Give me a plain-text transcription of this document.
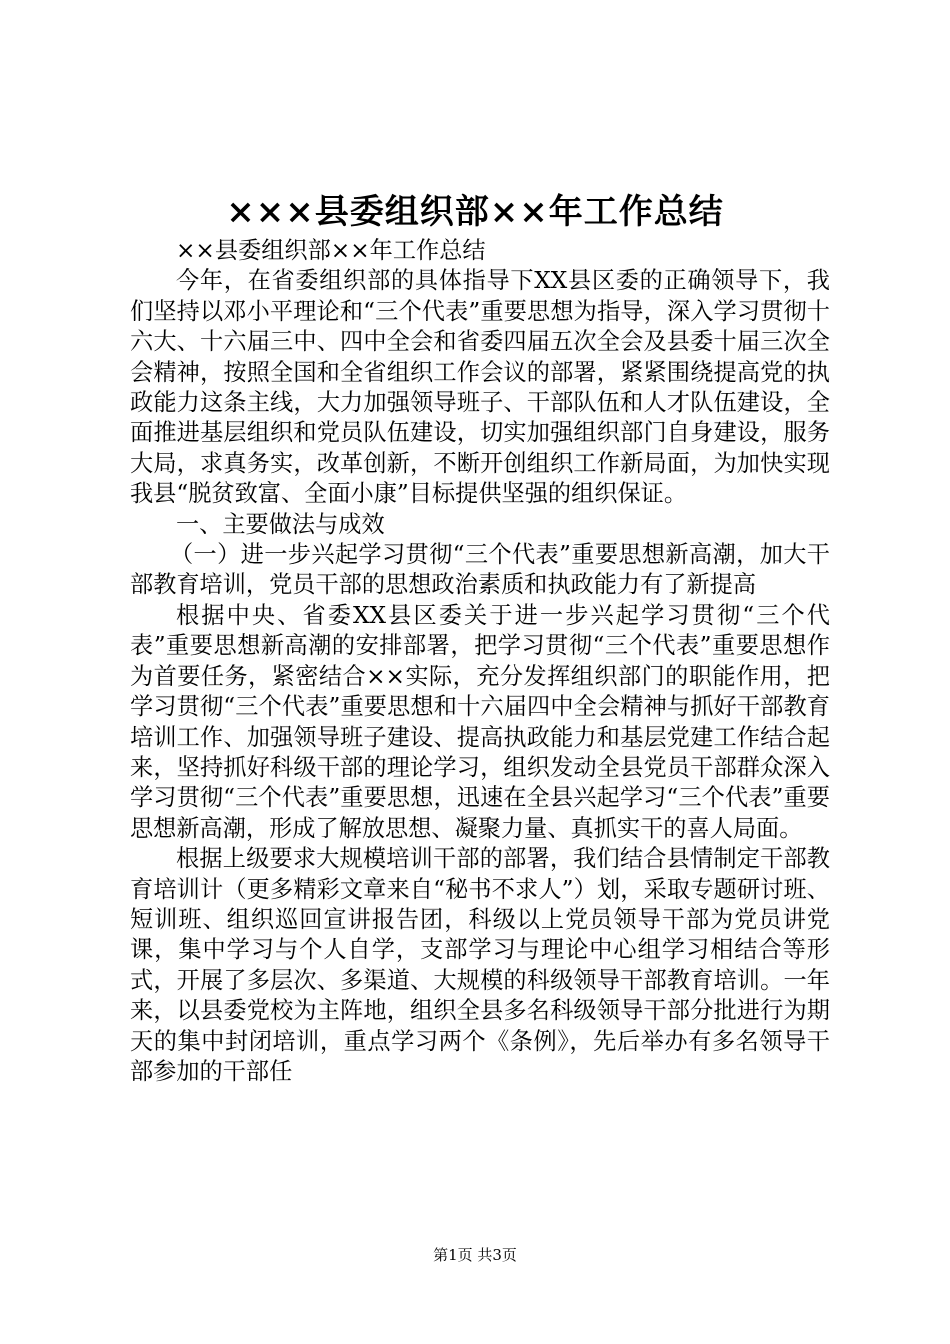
×××县委组织部××年工作总结

××县委组织部××年工作总结

今年，在省委组织部的具体指导下XX县区委的正确领导下，我们坚持以邓小平理论和“三个代表”重要思想为指导，深入学习贯彻十六大、十六届三中、四中全会和省委四届五次全会及县委十届三次全会精神，按照全国和全省组织工作会议的部署，紧紧围绕提高党的执政能力这条主线，大力加强领导班子、干部队伍和人才队伍建设，全面推进基层组织和党员队伍建设，切实加强组织部门自身建设，服务大局，求真务实，改革创新，不断开创组织工作新局面，为加快实现我县“脱贫致富、全面小康”目标提供坚强的组织保证。

一、主要做法与成效

（一）进一步兴起学习贯彻“三个代表”重要思想新高潮，加大干部教育培训，党员干部的思想政治素质和执政能力有了新提高

根据中央、省委XX县区委关于进一步兴起学习贯彻“三个代表”重要思想新高潮的安排部署，把学习贯彻“三个代表”重要思想作为首要任务，紧密结合××实际，充分发挥组织部门的职能作用，把学习贯彻“三个代表”重要思想和十六届四中全会精神与抓好干部教育培训工作、加强领导班子建设、提高执政能力和基层党建工作结合起来，坚持抓好科级干部的理论学习，组织发动全县党员干部群众深入学习贯彻“三个代表”重要思想，迅速在全县兴起学习“三个代表”重要思想新高潮，形成了解放思想、凝聚力量、真抓实干的喜人局面。

根据上级要求大规模培训干部的部署，我们结合县情制定干部教育培训计（更多精彩文章来自“秘书不求人”）划，采取专题研讨班、短训班、组织巡回宣讲报告团，科级以上党员领导干部为党员讲党课，集中学习与个人自学，支部学习与理论中心组学习相结合等形式，开展了多层次、多渠道、大规模的科级领导干部教育培训。一年来，以县委党校为主阵地，组织全县多名科级领导干部分批进行为期天的集中封闭培训，重点学习两个《条例》，先后举办有多名领导干部参加的干部任

第1页 共3页
